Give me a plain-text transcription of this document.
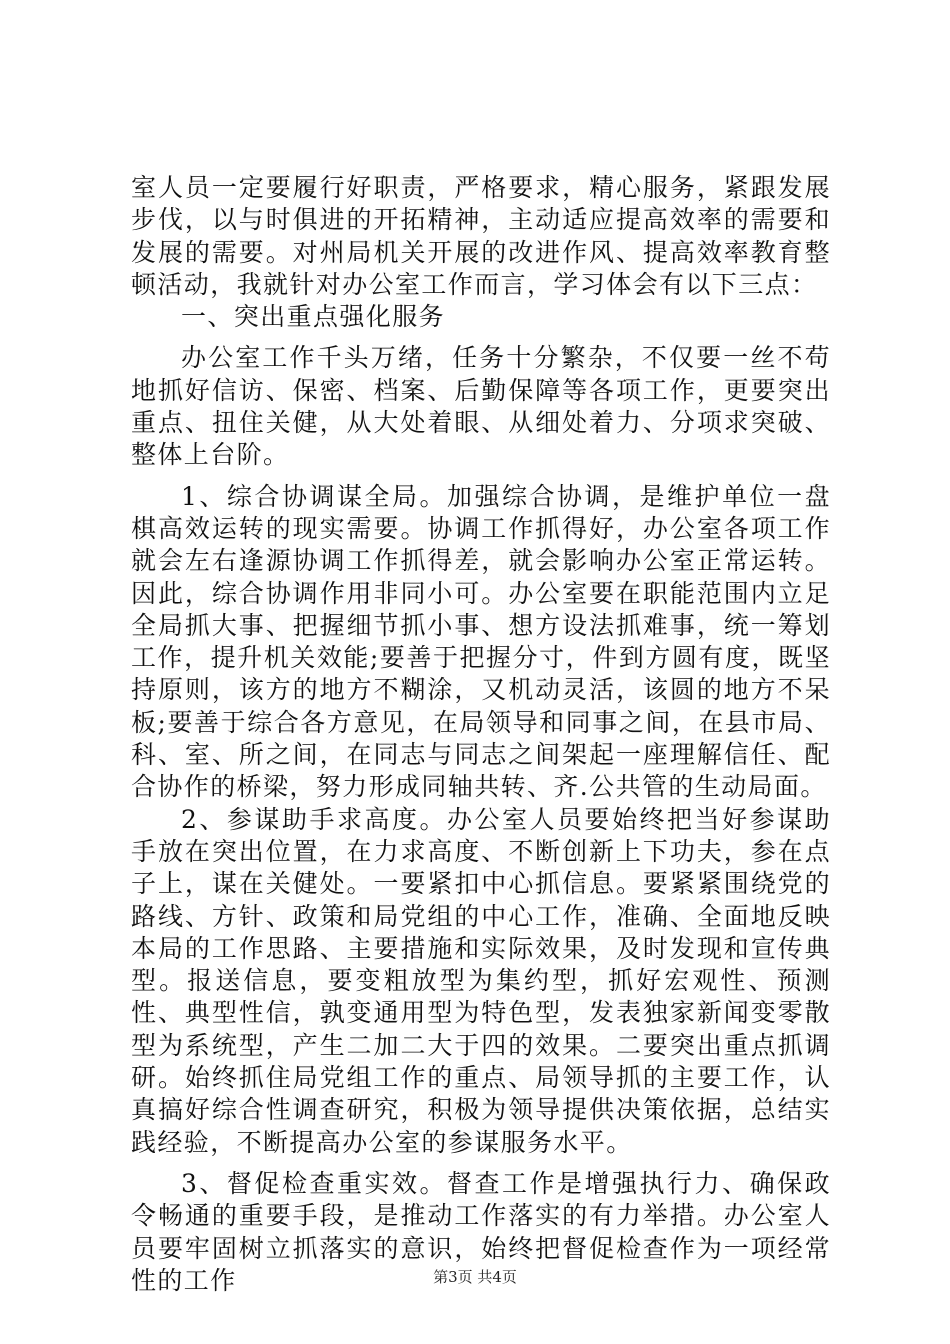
室人员一定要履行好职责，严格要求，精心服务，紧跟发展步伐，以与时俱进的开拓精神，主动适应提高效率的需要和发展的需要。对州局机关开展的改进作风、提高效率教育整顿活动，我就针对办公室工作而言，学习体会有以下三点：

一、突出重点强化服务

办公室工作千头万绪，任务十分繁杂，不仅要一丝不苟地抓好信访、保密、档案、后勤保障等各项工作，更要突出重点、扭住关健，从大处着眼、从细处着力、分项求突破、整体上台阶。

1、综合协调谋全局。加强综合协调，是维护单位一盘棋高效运转的现实需要。协调工作抓得好，办公室各项工作就会左右逢源协调工作抓得差，就会影响办公室正常运转。因此，综合协调作用非同小可。办公室要在职能范围内立足全局抓大事、把握细节抓小事、想方设法抓难事，统一筹划工作，提升机关效能;要善于把握分寸，件到方圆有度，既坚持原则，该方的地方不糊涂，又机动灵活，该圆的地方不呆板;要善于综合各方意见，在局领导和同事之间，在县市局、科、室、所之间，在同志与同志之间架起一座理解信任、配合协作的桥梁，努力形成同轴共转、齐.公共管的生动局面。

2、参谋助手求高度。办公室人员要始终把当好参谋助手放在突出位置，在力求高度、不断创新上下功夫，参在点子上，谋在关健处。一要紧扣中心抓信息。要紧紧围绕党的路线、方针、政策和局党组的中心工作，准确、全面地反映本局的工作思路、主要措施和实际效果，及时发现和宣传典型。报送信息，要变粗放型为集约型，抓好宏观性、预测性、典型性信，孰变通用型为特色型，发表独家新闻变零散型为系统型，产生二加二大于四的效果。二要突出重点抓调研。始终抓住局党组工作的重点、局领导抓的主要工作，认真搞好综合性调查研究，积极为领导提供决策依据，总结实践经验，不断提高办公室的参谋服务水平。

3、督促检查重实效。督查工作是增强执行力、确保政令畅通的重要手段，是推动工作落实的有力举措。办公室人员要牢固树立抓落实的意识，始终把督促检查作为一项经常性的工作	第3页 共4页
